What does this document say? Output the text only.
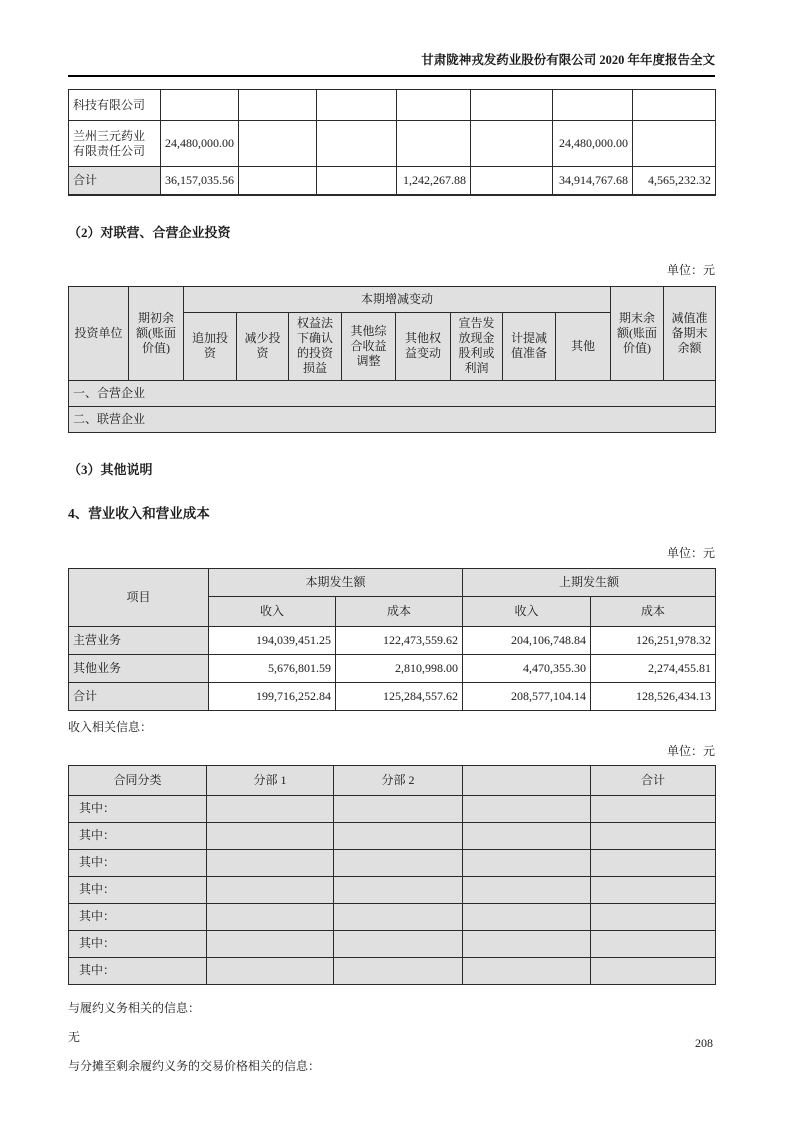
甘肃陇神戎发药业股份有限公司 2020 年年度报告全文
科技有限公司							
兰州三元药业有限责任公司	24,480,000.00					24,480,000.00	
合计	36,157,035.56			1,242,267.88		34,914,767.68	4,565,232.32
（2）对联营、合营企业投资
单位：元
投资单位	期初余额(账面价值)	本期增减变动								期末余额(账面价值)	减值准备期末余额
		追加投资	减少投资	权益法下确认的投资损益	其他综合收益调整	其他权益变动	宣告发放现金股利或利润	计提减值准备	其他		
一、合营企业											
二、联营企业											
（3）其他说明
4、营业收入和营业成本
单位：元
项目	本期发生额		上期发生额	
	收入	成本	收入	成本
主营业务	194,039,451.25	122,473,559.62	204,106,748.84	126,251,978.32
其他业务	5,676,801.59	2,810,998.00	4,470,355.30	2,274,455.81
合计	199,716,252.84	125,284,557.62	208,577,104.14	128,526,434.13
收入相关信息：
单位：元
合同分类	分部 1	分部 2		合计
其中：				
其中：				
其中：				
其中：				
其中：				
其中：				
其中：				
与履约义务相关的信息：
无
与分摊至剩余履约义务的交易价格相关的信息：
208
